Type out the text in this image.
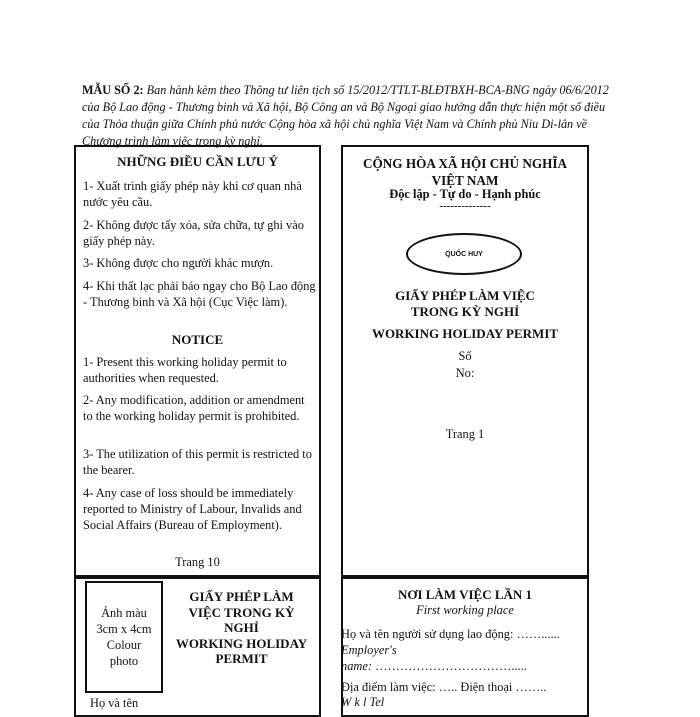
MẪU SỐ 2: Ban hành kèm theo Thông tư liên tịch số 15/2012/TTLT-BLĐTBXH-BCA-BNG ngày 06/6/2012 của Bộ Lao động - Thương binh và Xã hội, Bộ Công an và Bộ Ngoại giao hướng dẫn thực hiện một số điều của Thỏa thuận giữa Chính phủ nước Cộng hòa xã hội chủ nghĩa Việt Nam và Chính phủ Niu Di-lân về Chương trình làm việc trong kỳ nghỉ.
NHỮNG ĐIỀU CẦN LƯU Ý
1- Xuất trình giấy phép này khi cơ quan nhà nước yêu cầu.
2- Không được tẩy xóa, sửa chữa, tự ghi vào giấy phép này.
3- Không được cho người khác mượn.
4- Khi thất lạc phải báo ngay cho Bộ Lao động - Thương binh và Xã hội (Cục Việc làm).
NOTICE
1- Present this working holiday permit to authorities when requested.
2- Any modification, addition or amendment to the working holiday permit is prohibited.
3- The utilization of this permit is restricted to the bearer.
4- Any case of loss should be immediately reported to Ministry of Labour, Invalids and Social Affairs (Bureau of Employment).
Trang 10
CỘNG HÒA XÃ HỘI CHỦ NGHĨA
VIỆT NAM
Độc lập - Tự do - Hạnh phúc
--------------
QUỐC HUY
GIẤY PHÉP LÀM VIỆC
TRONG KỲ NGHỈ
WORKING HOLIDAY PERMIT
Số
No:
Trang 1
Ảnh màu
3cm x 4cm
Colour
photo
GIẤY PHÉP LÀM
VIỆC TRONG KỲ
NGHỈ
WORKING HOLIDAY
PERMIT
Họ và tên
NƠI LÀM VIỆC LẦN 1
First working place
Họ và tên người sử dụng lao động: ……......
Employer's
name: …………………………….....
Địa điểm làm việc: ….. Điện thoại ……..
W k l Tel
